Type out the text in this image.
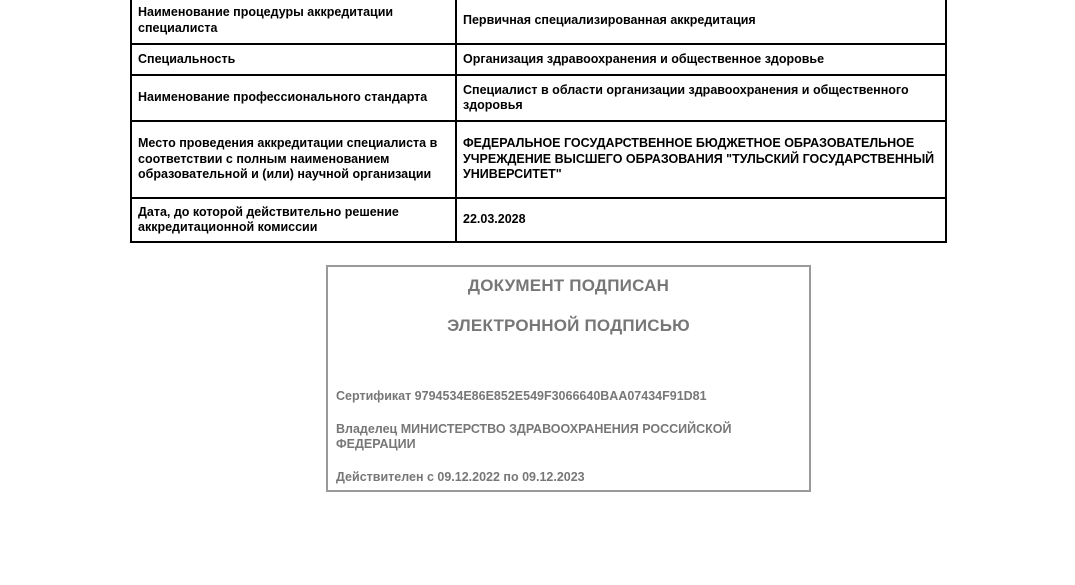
Наименование процедуры аккредитации специалиста	Первичная специализированная аккредитация
Специальность	Организация здравоохранения и общественное здоровье
Наименование профессионального стандарта	Специалист в области организации здравоохранения и общественного здоровья
Место проведения аккредитации специалиста в соответствии с полным наименованием образовательной и (или) научной организации	ФЕДЕРАЛЬНОЕ ГОСУДАРСТВЕННОЕ БЮДЖЕТНОЕ ОБРАЗОВАТЕЛЬНОЕ УЧРЕЖДЕНИЕ ВЫСШЕГО ОБРАЗОВАНИЯ "ТУЛЬСКИЙ ГОСУДАРСТВЕННЫЙ УНИВЕРСИТЕТ"
Дата, до которой действительно решение аккредитационной комиссии	22.03.2028
ДОКУМЕНТ ПОДПИСАН
ЭЛЕКТРОННОЙ ПОДПИСЬЮ
Сертификат 9794534E86E852E549F3066640BAA07434F91D81
Владелец МИНИСТЕРСТВО ЗДРАВООХРАНЕНИЯ РОССИЙСКОЙ ФЕДЕРАЦИИ
Действителен с 09.12.2022 по 09.12.2023
